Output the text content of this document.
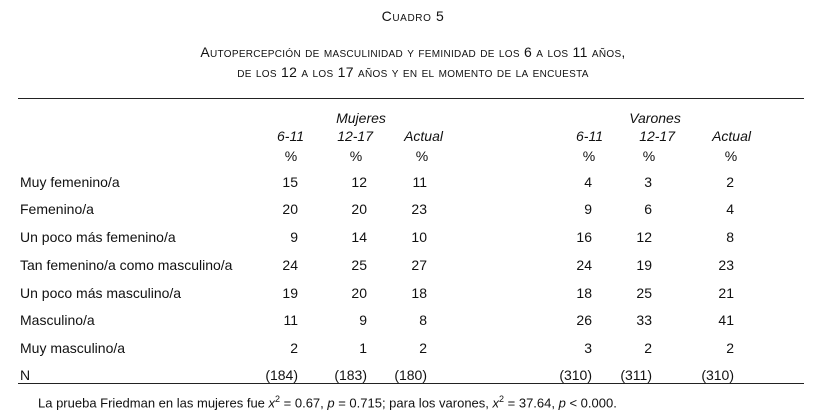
Cuadro 5
Autopercepción de masculinidad y feminidad de los 6 a los 11 años,
de los 12 a los 17 años y en el momento de la encuesta
Mujeres	Varones
6-11 12-17 Actual	6-11	12-17	Actual
%	%	%	%	%	%
Muy femenino/a	15	12	11	4	3	2
Femenino/a	20	20	23	9	6	4
Un poco más femenino/a	9	14	10	16	12	8
Tan femenino/a como masculino/a	24	25	27	24	19	23
Un poco más masculino/a	19	20	18	18	25	21
Masculino/a	11	9	8	26	33	41
Muy masculino/a	2	1	2	3	2	2
N	(184)	(183) (180)	(310) (311)	(310)
La prueba Friedman en las mujeres fue $x^2 = 0.67$, p = 0.715; para los varones, $x^2 = 37.64$, p < 0.000.
